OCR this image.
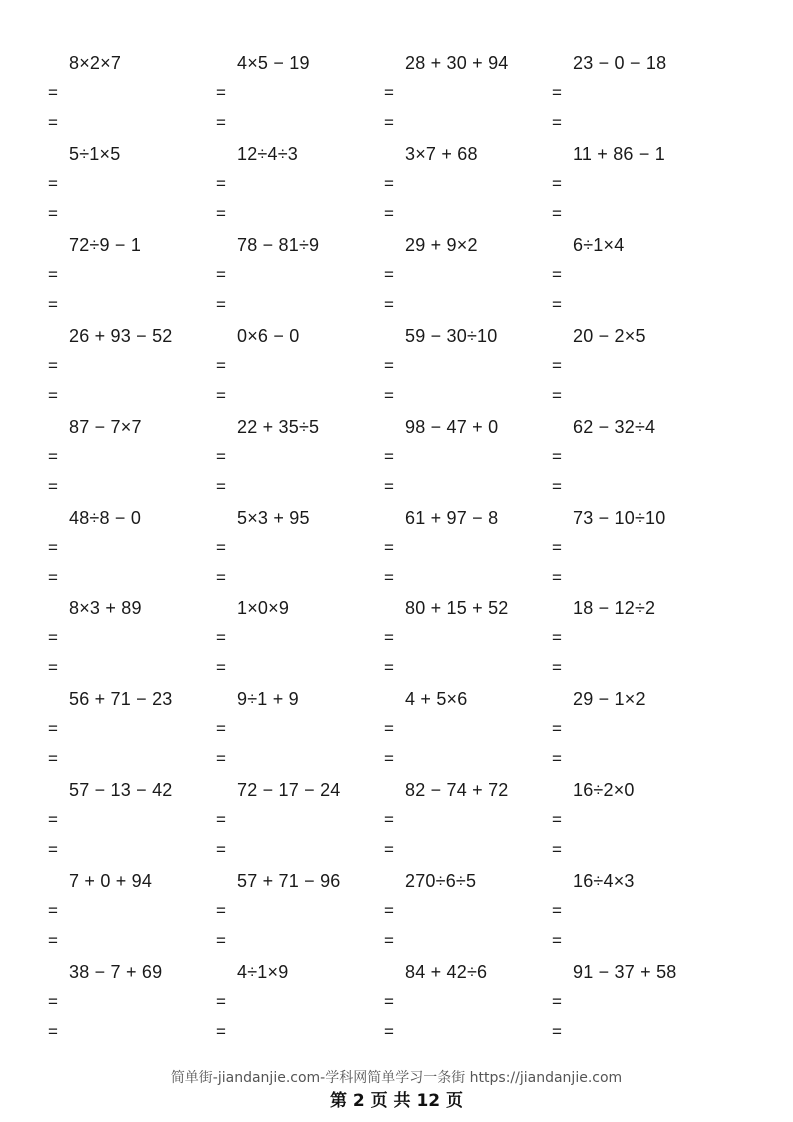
8×2×7
=
=
4×5 − 19
=
=
28 + 30 + 94
=
=
23 − 0 − 18
=
=
5÷1×5
=
=
12÷4÷3
=
=
3×7 + 68
=
=
11 + 86 − 1
=
=
72÷9 − 1
=
=
78 − 81÷9
=
=
29 + 9×2
=
=
6÷1×4
=
=
26 + 93 − 52
=
=
0×6 − 0
=
=
59 − 30÷10
=
=
20 − 2×5
=
=
87 − 7×7
=
=
22 + 35÷5
=
=
98 − 47 + 0
=
=
62 − 32÷4
=
=
48÷8 − 0
=
=
5×3 + 95
=
=
61 + 97 − 8
=
=
73 − 10÷10
=
=
8×3 + 89
=
=
1×0×9
=
=
80 + 15 + 52
=
=
18 − 12÷2
=
=
56 + 71 − 23
=
=
9÷1 + 9
=
=
4 + 5×6
=
=
29 − 1×2
=
=
57 − 13 − 42
=
=
72 − 17 − 24
=
=
82 − 74 + 72
=
=
16÷2×0
=
=
7 + 0 + 94
=
=
57 + 71 − 96
=
=
270÷6÷5
=
=
16÷4×3
=
=
38 − 7 + 69
=
=
4÷1×9
=
=
84 + 42÷6
=
=
91 − 37 + 58
=
=
简单街-jiandanjie.com-学科网简单学习一条街 https://jiandanjie.com
第 2 页 共 12 页
